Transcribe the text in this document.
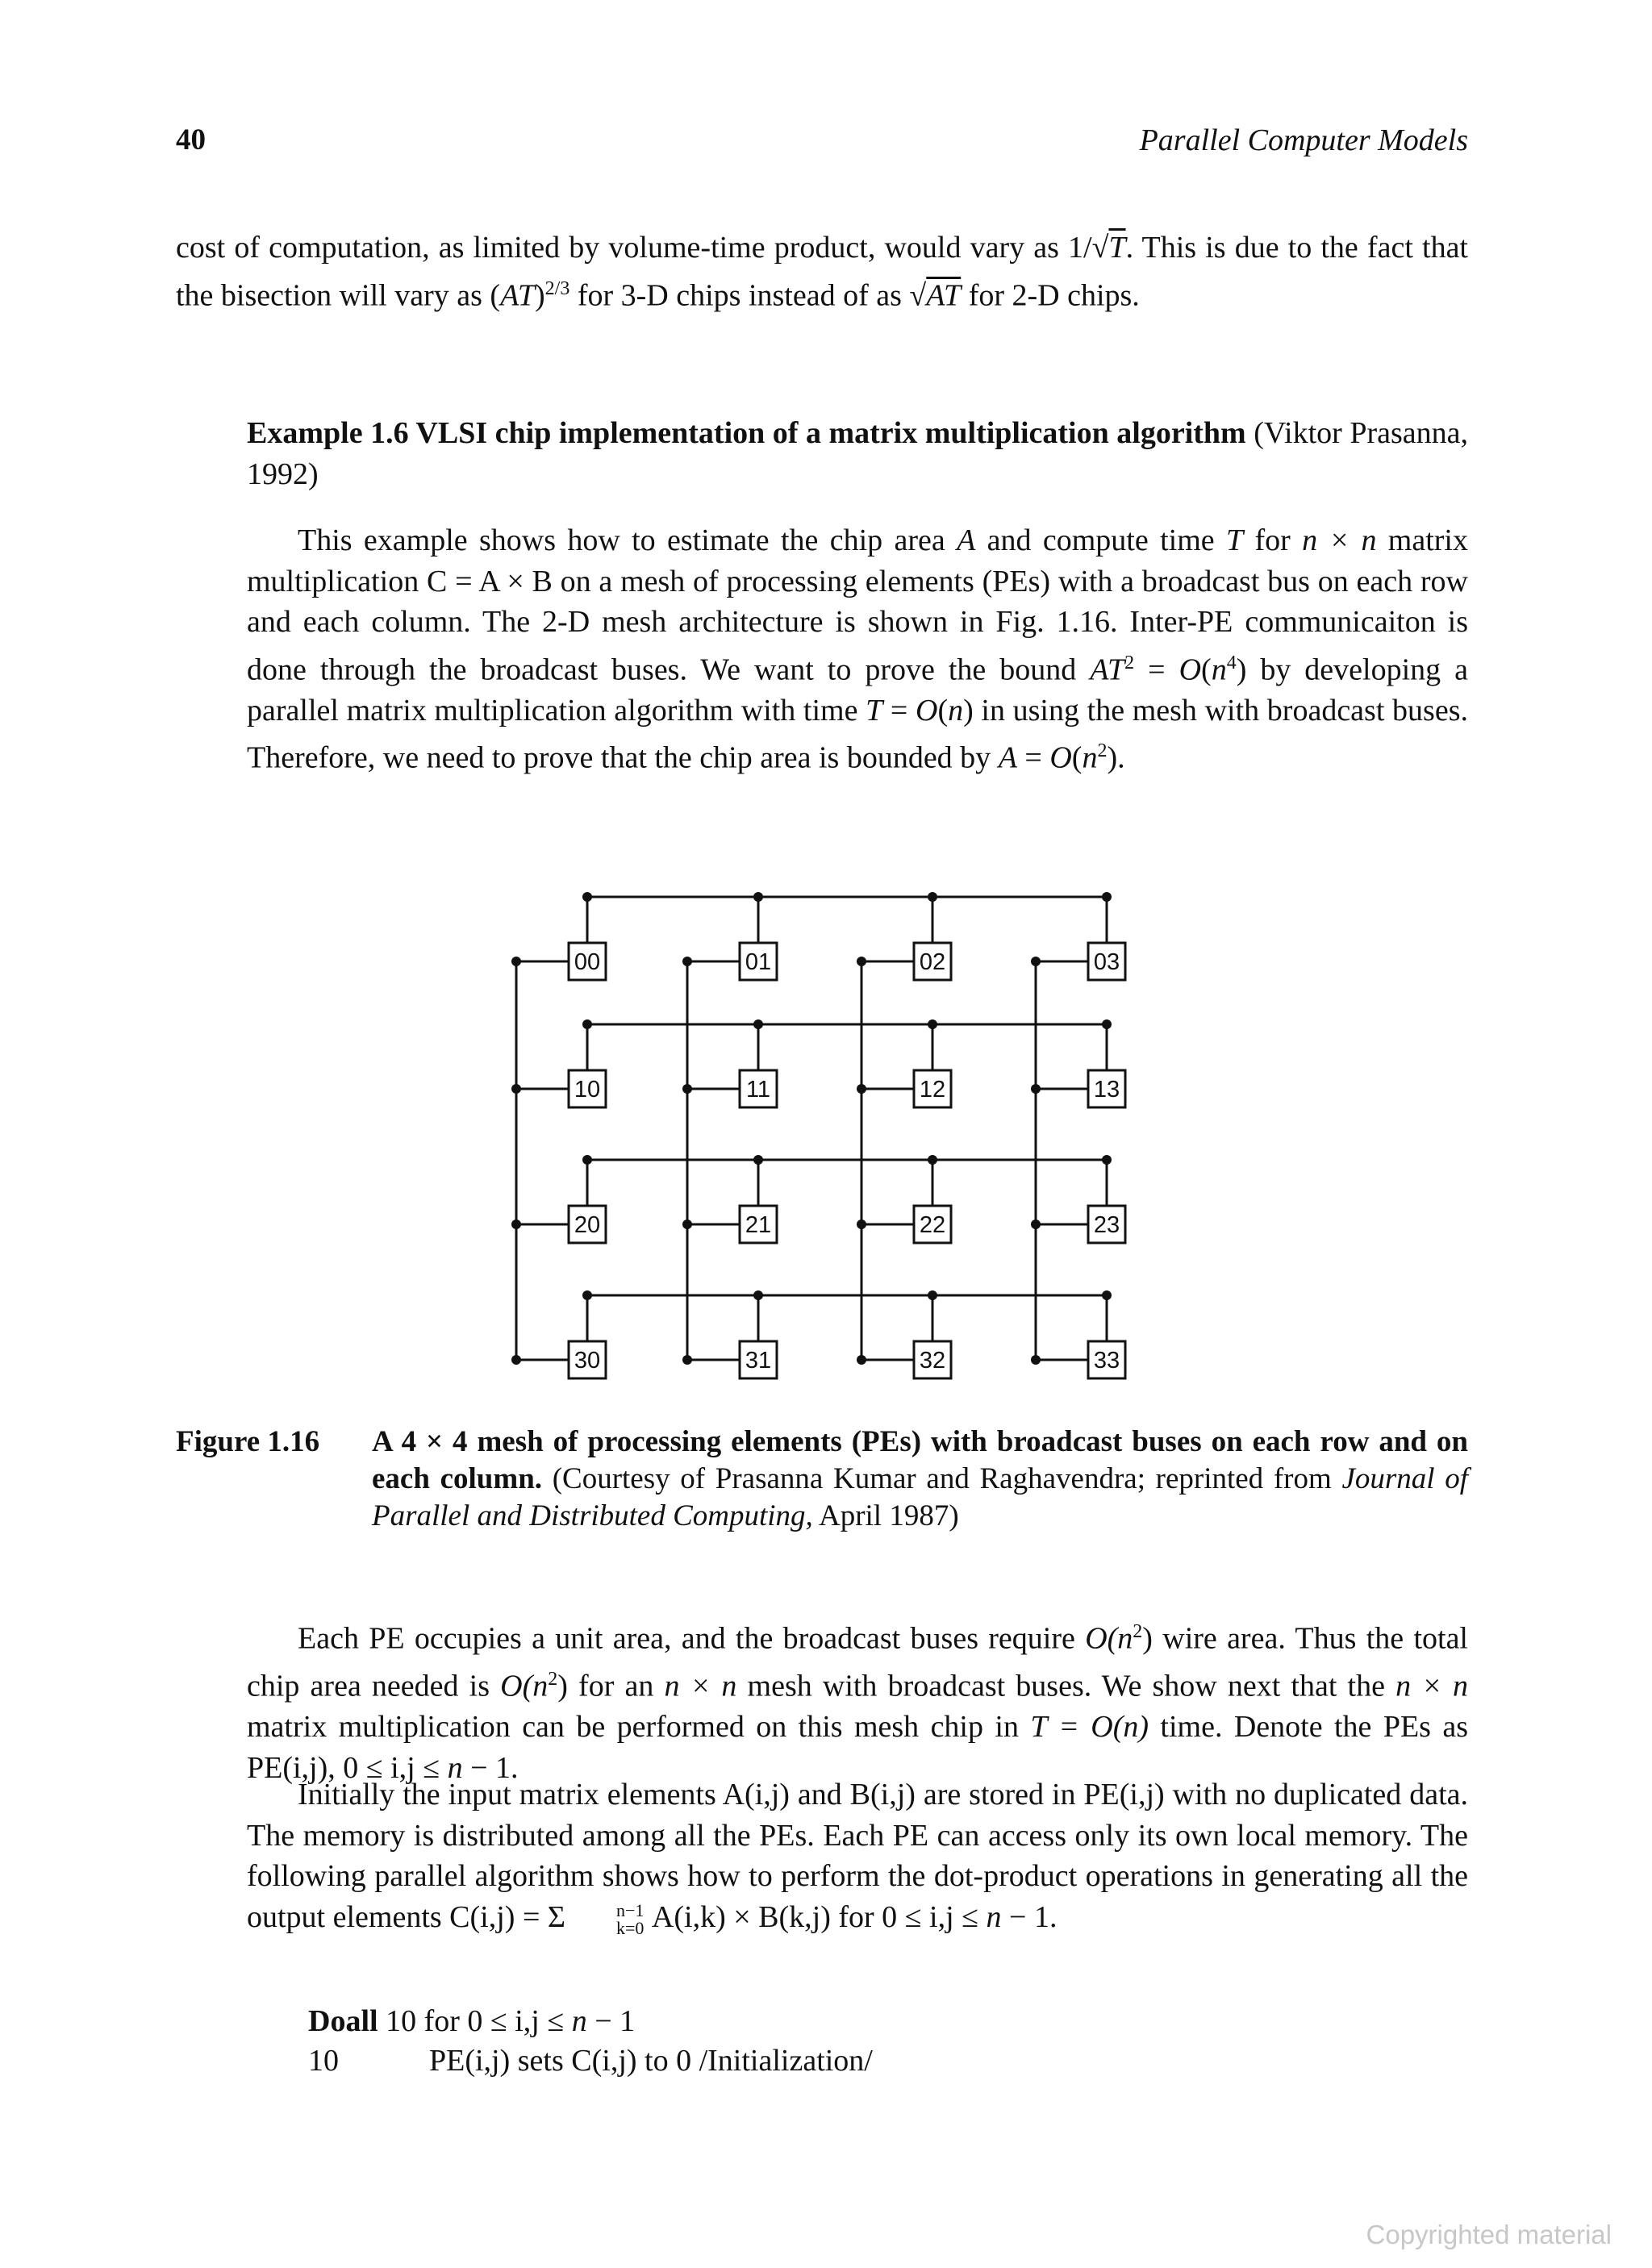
40	Parallel Computer Models

cost of computation, as limited by volume-time product, would vary as 1/√T. This is due to the fact that the bisection will vary as (AT)$^{2/3}$ for 3-D chips instead of as √AT for 2-D chips.

Example 1.6 VLSI chip implementation of a matrix multiplication algorithm (Viktor Prasanna, 1992)

This example shows how to estimate the chip area A and compute time T for n × n matrix multiplication C = A × B on a mesh of processing elements (PEs) with a broadcast bus on each row and each column. The 2-D mesh architecture is shown in Fig. 1.16. Inter-PE communicaiton is done through the broadcast buses. We want to prove the bound $AT^2 = O(n^4)$ by developing a parallel matrix multiplication algorithm with time T = O(n) in using the mesh with broadcast buses. Therefore, we need to prove that the chip area is bounded by $A = O(n^2)$.

00	01	02	03
10	11	12	13
20	21	22	23
30	31	32	33
Figure 1.16 A 4 × 4 mesh of processing elements (PEs) with broadcast buses on each row and on each column. (Courtesy of Prasanna Kumar and Raghavendra; reprinted from Journal of Parallel and Distributed Computing, April 1987)

Each PE occupies a unit area, and the broadcast buses require $O(n^2)$ wire area. Thus the total chip area needed is $O(n^2)$ for an n × n mesh with broadcast buses. We show next that the n × n matrix multiplication can be performed on this mesh chip in T = O(n) time. Denote the PEs as PE(i,j), 0 ≤ i,j ≤ n − 1.

Initially the input matrix elements A(i,j) and B(i,j) are stored in PE(i,j) with no duplicated data. The memory is distributed among all the PEs. Each PE can access only its own local memory. The following parallel algorithm shows how to perform the dot-product operations in generating all the output elements C(i,j) = Σ	n−1
k=0 A(i,k) × B(k,j) for 0 ≤ i,j ≤ n − 1.

Doall 10 for 0 ≤ i,j ≤ n − 1
10	PE(i,j) sets C(i,j) to 0 /Initialization/
Copyrighted material
